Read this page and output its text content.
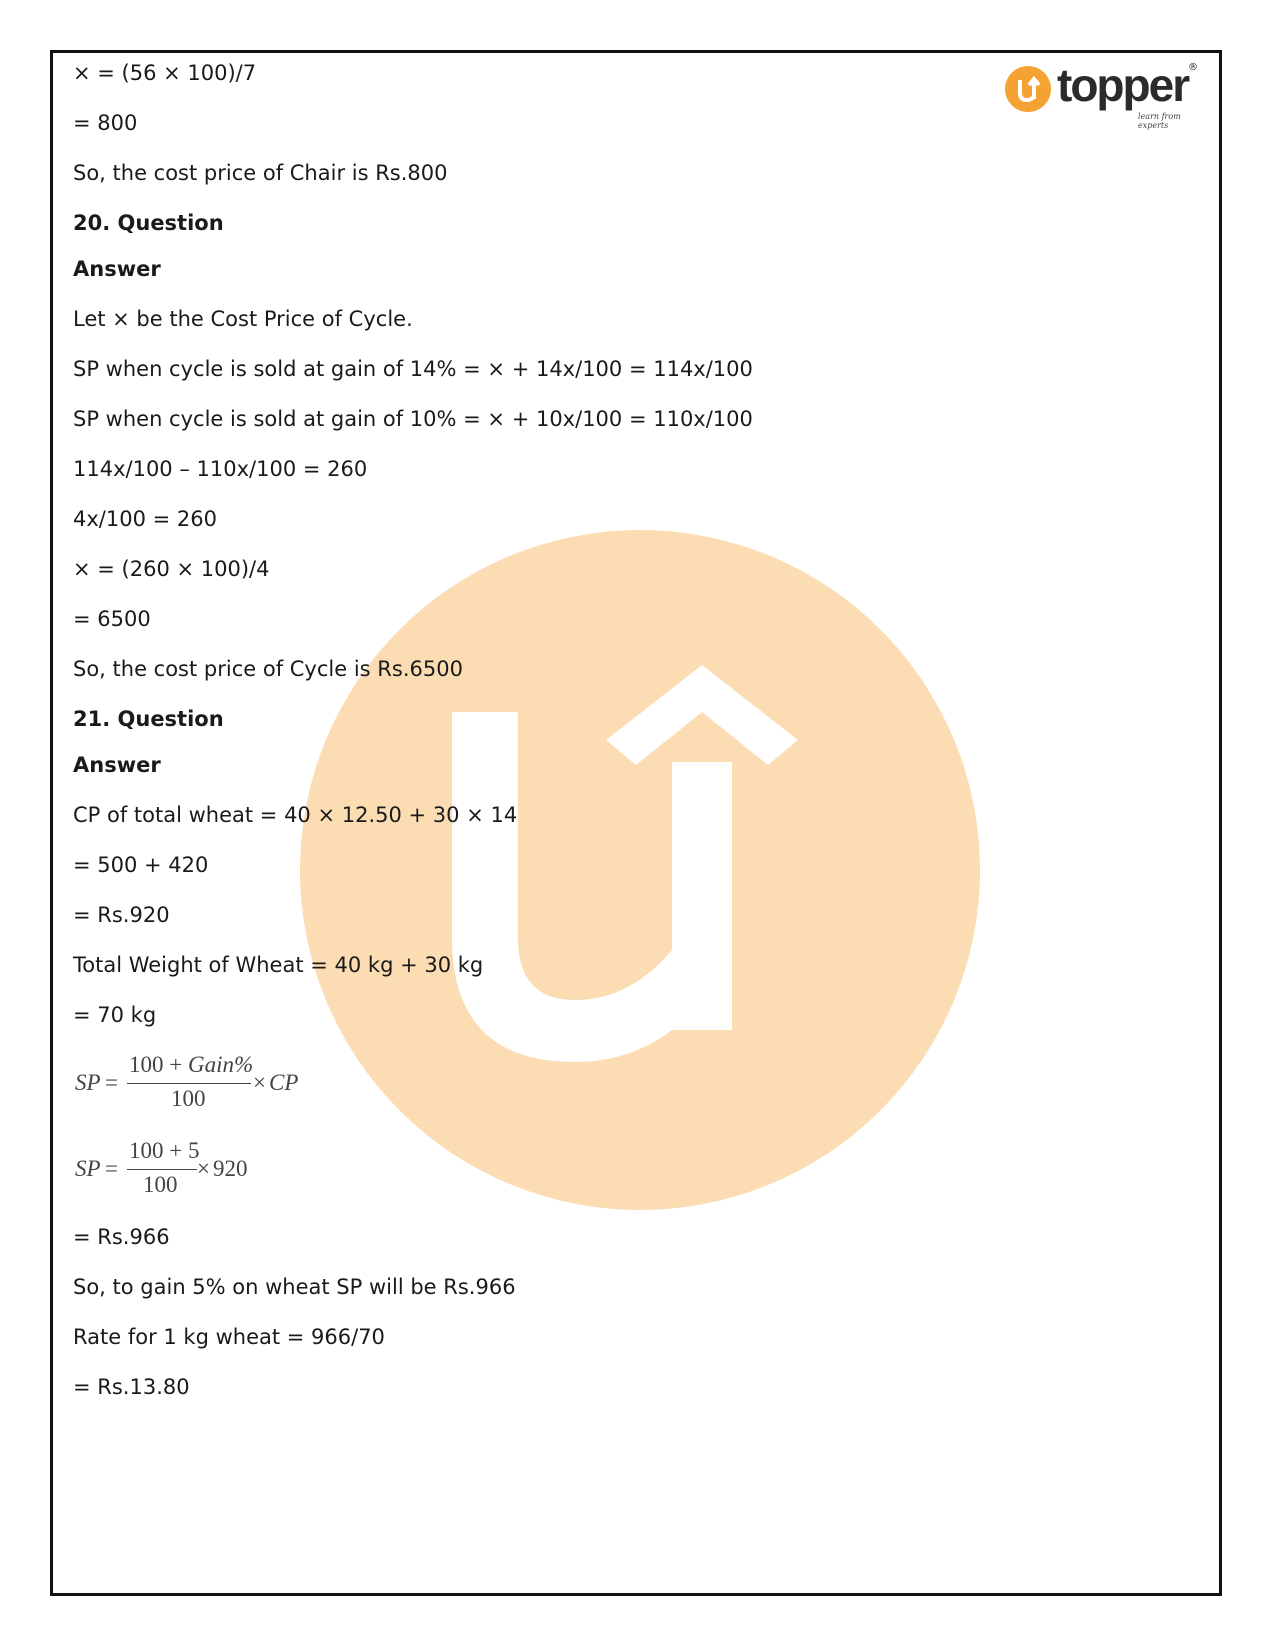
topper ®
learn from experts
× = (56 × 100)/7
= 800
So, the cost price of Chair is Rs.800
20. Question
Answer
Let × be the Cost Price of Cycle.
SP when cycle is sold at gain of 14% = × + 14x/100 = 114x/100
SP when cycle is sold at gain of 10% = × + 10x/100 = 110x/100
114x/100 – 110x/100 = 260
4x/100 = 260
× = (260 × 100)/4
= 6500
So, the cost price of Cycle is Rs.6500
21. Question
Answer
CP of total wheat = 40 × 12.50 + 30 × 14
= 500 + 420
= Rs.920
Total Weight of Wheat = 40 kg + 30 kg
= 70 kg
SP =
100 + Gain%
100
× CP
SP =
100 + 5
100
× 920
= Rs.966
So, to gain 5% on wheat SP will be Rs.966
Rate for 1 kg wheat = 966/70
= Rs.13.80
